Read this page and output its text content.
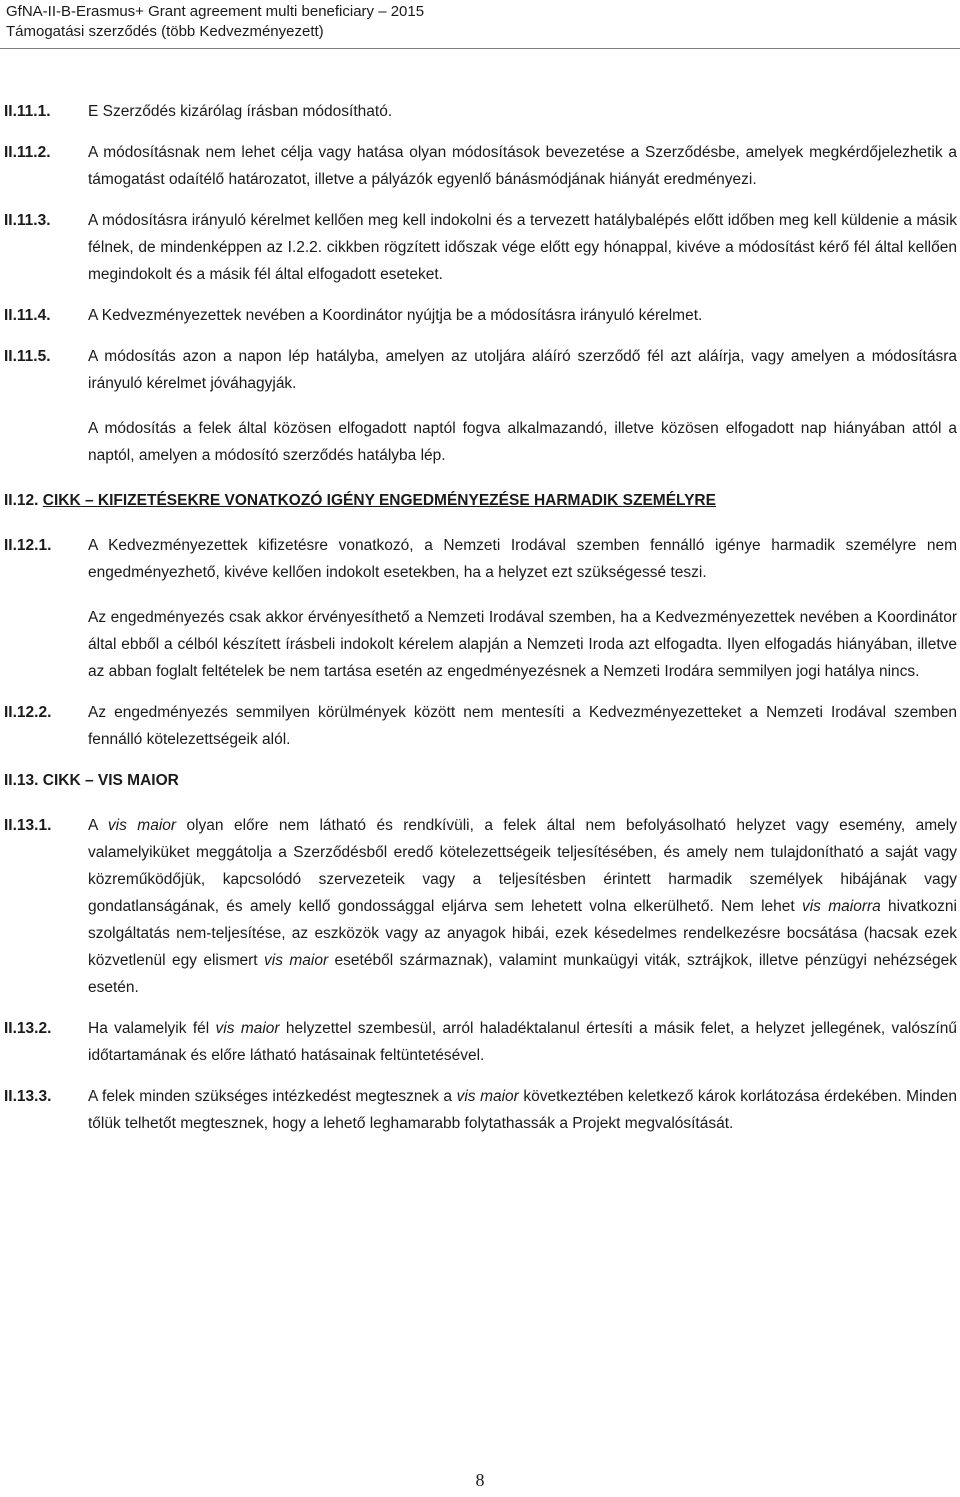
GfNA-II-B-Erasmus+ Grant agreement multi beneficiary – 2015
Támogatási szerződés (több Kedvezményezett)
II.11.1.	E Szerződés kizárólag írásban módosítható.

II.11.2.	A módosításnak nem lehet célja vagy hatása olyan módosítások bevezetése a Szerződésbe, amelyek megkérdőjelezhetik a támogatást odaítélő határozatot, illetve a pályázók egyenlő bánásmódjának hiányát eredményezi.

II.11.3.	A módosításra irányuló kérelmet kellően meg kell indokolni és a tervezett hatálybalépés előtt időben meg kell küldenie a másik félnek, de mindenképpen az I.2.2. cikkben rögzített időszak vége előtt egy hónappal, kivéve a módosítást kérő fél által kellően megindokolt és a másik fél által elfogadott eseteket.

II.11.4.	A Kedvezményezettek nevében a Koordinátor nyújtja be a módosításra irányuló kérelmet.

II.11.5.	A módosítás azon a napon lép hatályba, amelyen az utoljára aláíró szerződő fél azt aláírja, vagy amelyen a módosításra irányuló kérelmet jóváhagyják.

A módosítás a felek által közösen elfogadott naptól fogva alkalmazandó, illetve közösen elfogadott nap hiányában attól a naptól, amelyen a módosító szerződés hatályba lép.

II.12. CIKK – KIFIZETÉSEKRE VONATKOZÓ IGÉNY ENGEDMÉNYEZÉSE HARMADIK SZEMÉLYRE
II.12.1.	A Kedvezményezettek kifizetésre vonatkozó, a Nemzeti Irodával szemben fennálló igénye harmadik személyre nem engedményezhető, kivéve kellően indokolt esetekben, ha a helyzet ezt szükségessé teszi.

Az engedményezés csak akkor érvényesíthető a Nemzeti Irodával szemben, ha a Kedvezményezettek nevében a Koordinátor által ebből a célból készített írásbeli indokolt kérelem alapján a Nemzeti Iroda azt elfogadta. Ilyen elfogadás hiányában, illetve az abban foglalt feltételek be nem tartása esetén az engedményezésnek a Nemzeti Irodára semmilyen jogi hatálya nincs.

II.12.2.	Az engedményezés semmilyen körülmények között nem mentesíti a Kedvezményezetteket a Nemzeti Irodával szemben fennálló kötelezettségeik alól.

II.13. CIKK – VIS MAIOR
II.13.1.	A vis maior olyan előre nem látható és rendkívüli, a felek által nem befolyásolható helyzet vagy esemény, amely valamelyiküket meggátolja a Szerződésből eredő kötelezettségeik teljesítésében, és amely nem tulajdonítható a saját vagy közreműködőjük, kapcsolódó szervezeteik vagy a teljesítésben érintett harmadik személyek hibájának vagy gondatlanságának, és amely kellő gondossággal eljárva sem lehetett volna elkerülhető. Nem lehet vis maiorra hivatkozni szolgáltatás nem-teljesítése, az eszközök vagy az anyagok hibái, ezek késedelmes rendelkezésre bocsátása (hacsak ezek közvetlenül egy elismert vis maior esetéből származnak), valamint munkaügyi viták, sztrájkok, illetve pénzügyi nehézségek esetén.

II.13.2.	Ha valamelyik fél vis maior helyzettel szembesül, arról haladéktalanul értesíti a másik felet, a helyzet jellegének, valószínű időtartamának és előre látható hatásainak feltüntetésével.

II.13.3.	A felek minden szükséges intézkedést megtesznek a vis maior következtében keletkező károk korlátozása érdekében. Minden tőlük telhetőt megtesznek, hogy a lehető leghamarabb folytathassák a Projekt megvalósítását.

8
